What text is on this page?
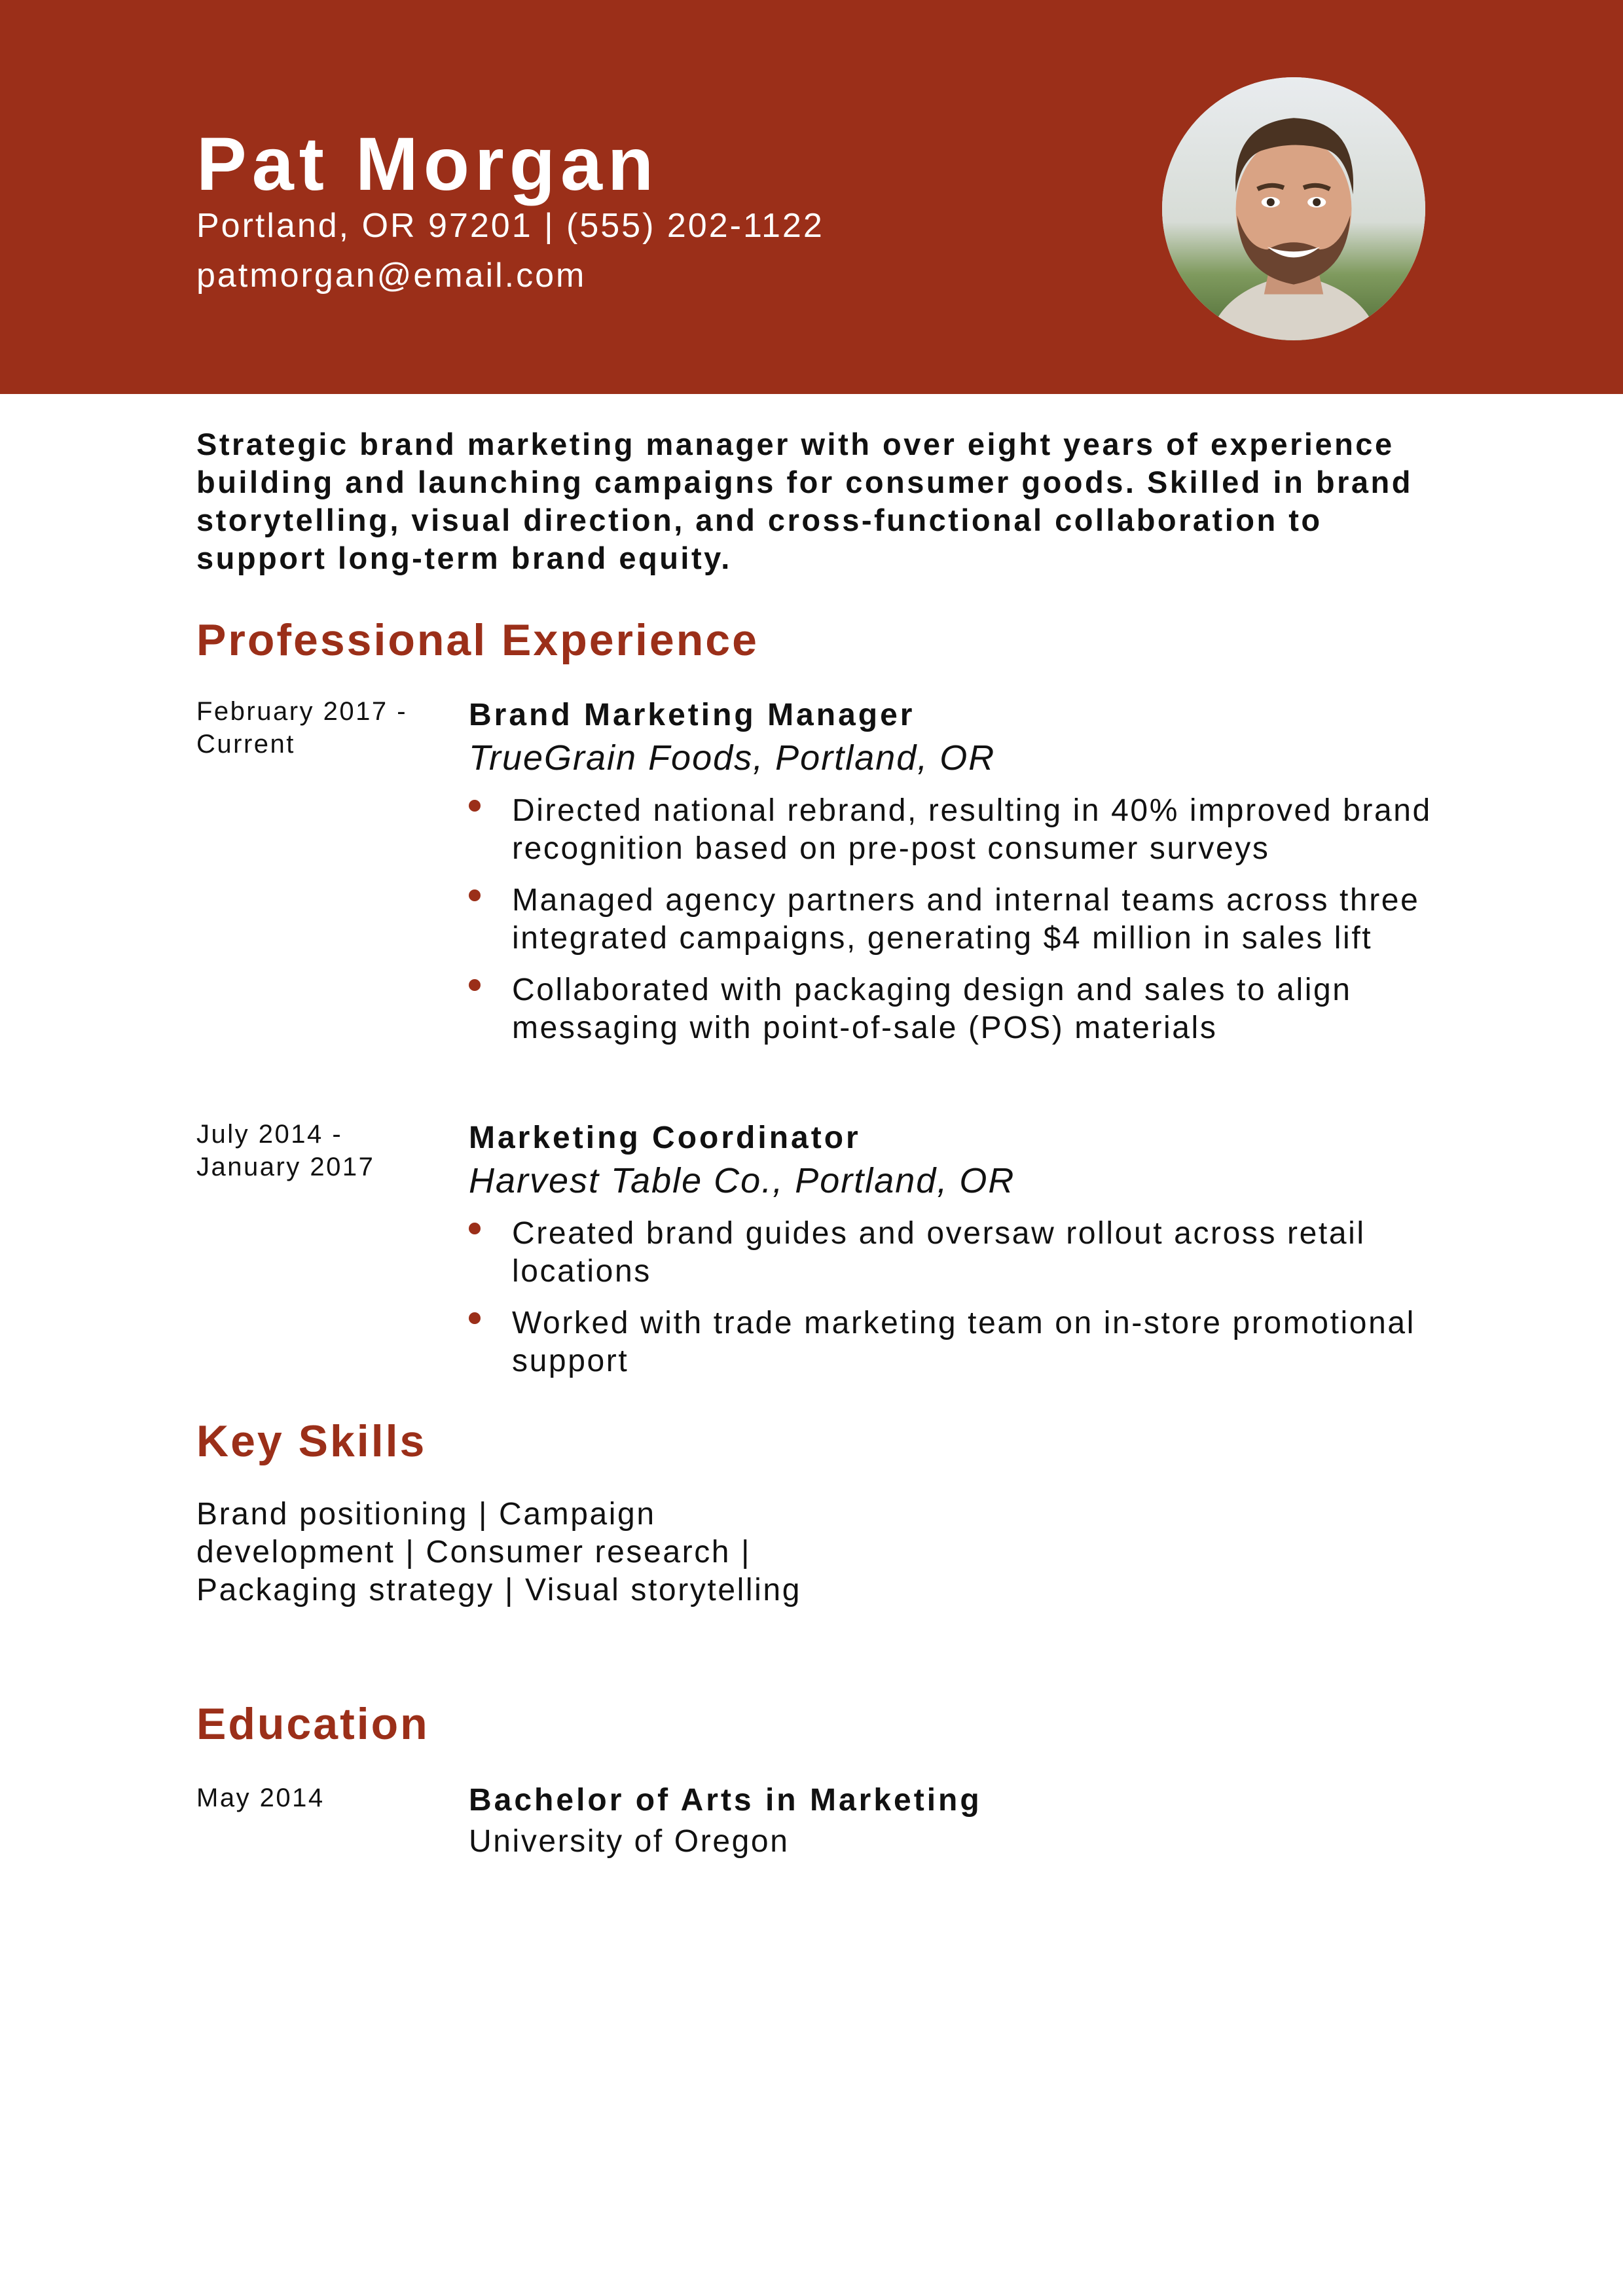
Pat Morgan
Portland, OR 97201 | (555) 202-1122
patmorgan@email.com

Strategic brand marketing manager with over eight years of experience building and launching campaigns for consumer goods. Skilled in brand storytelling, visual direction, and cross-functional collaboration to support long-term brand equity.

Professional Experience
February 2017 - Current
Brand Marketing Manager
TrueGrain Foods, Portland, OR
Directed national rebrand, resulting in 40% improved brand recognition based on pre-post consumer surveys
Managed agency partners and internal teams across three integrated campaigns, generating $4 million in sales lift
Collaborated with packaging design and sales to align messaging with point-of-sale (POS) materials
July 2014 - January 2017
Marketing Coordinator
Harvest Table Co., Portland, OR
Created brand guides and oversaw rollout across retail locations
Worked with trade marketing team on in-store promotional support
Key Skills

Brand positioning | Campaign development | Consumer research | Packaging strategy | Visual storytelling

Education
May 2014	Bachelor of Arts in Marketing
University of Oregon
